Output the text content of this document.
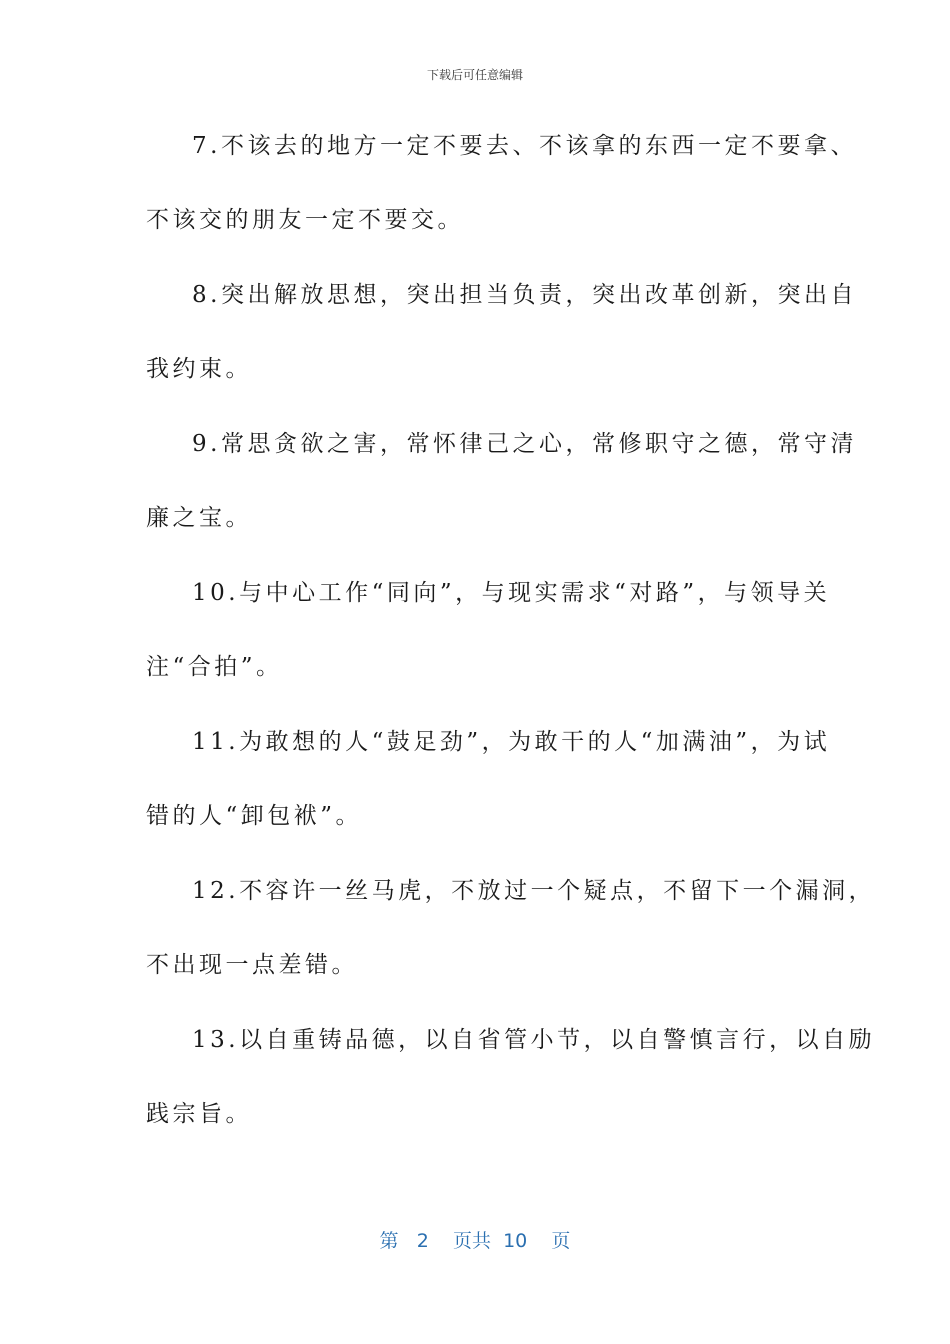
下载后可任意编辑
7.不该去的地方一定不要去、不该拿的东西一定不要拿、
不该交的朋友一定不要交。
8.突出解放思想，突出担当负责，突出改革创新，突出自
我约束。
9.常思贪欲之害，常怀律己之心，常修职守之德，常守清
廉之宝。
10.与中心工作“同向”，与现实需求“对路”，与领导关
注“合拍”。
11.为敢想的人“鼓足劲”，为敢干的人“加满油”，为试
错的人“卸包袱”。
12.不容许一丝马虎，不放过一个疑点，不留下一个漏洞，
不出现一点差错。
13.以自重铸品德，以自省管小节，以自警慎言行，以自励
践宗旨。
第 2 页共 10 页
